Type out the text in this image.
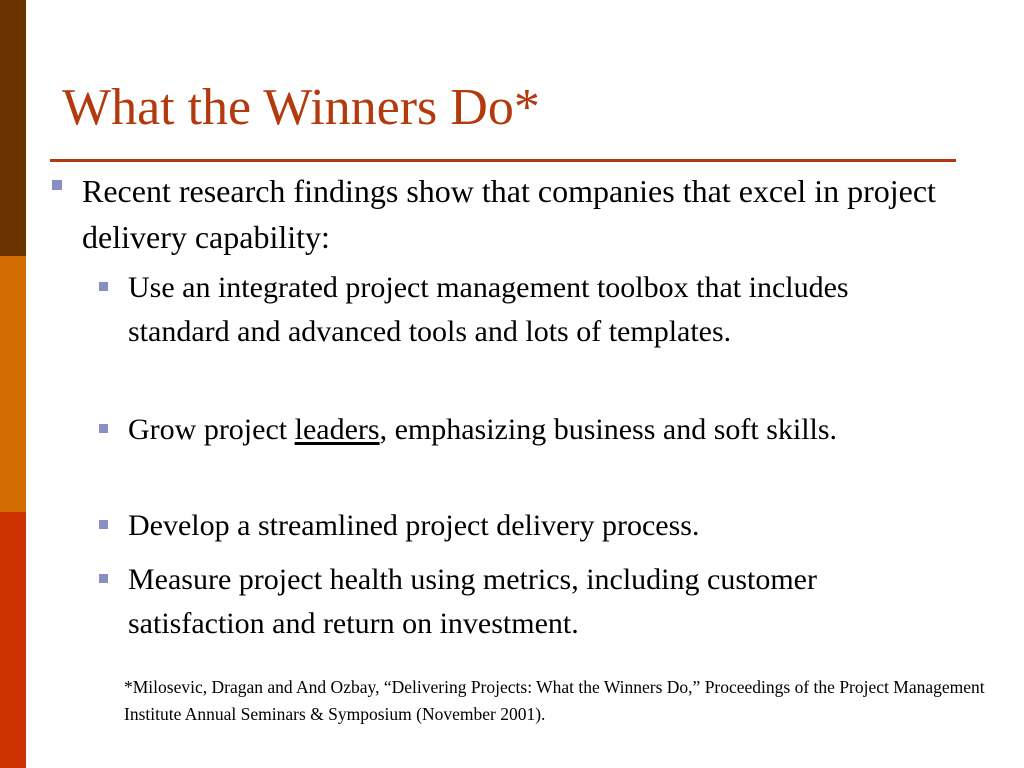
What the Winners Do*

Recent research findings show that companies that excel in project delivery capability:

Use an integrated project management toolbox that includes standard and advanced tools and lots of templates.

Grow project leaders, emphasizing business and soft skills.

Develop a streamlined project delivery process.

Measure project health using metrics, including customer satisfaction and return on investment.

*Milosevic, Dragan and And Ozbay, “Delivering Projects: What the Winners Do,” Proceedings of the Project Management Institute Annual Seminars & Symposium (November 2001).
